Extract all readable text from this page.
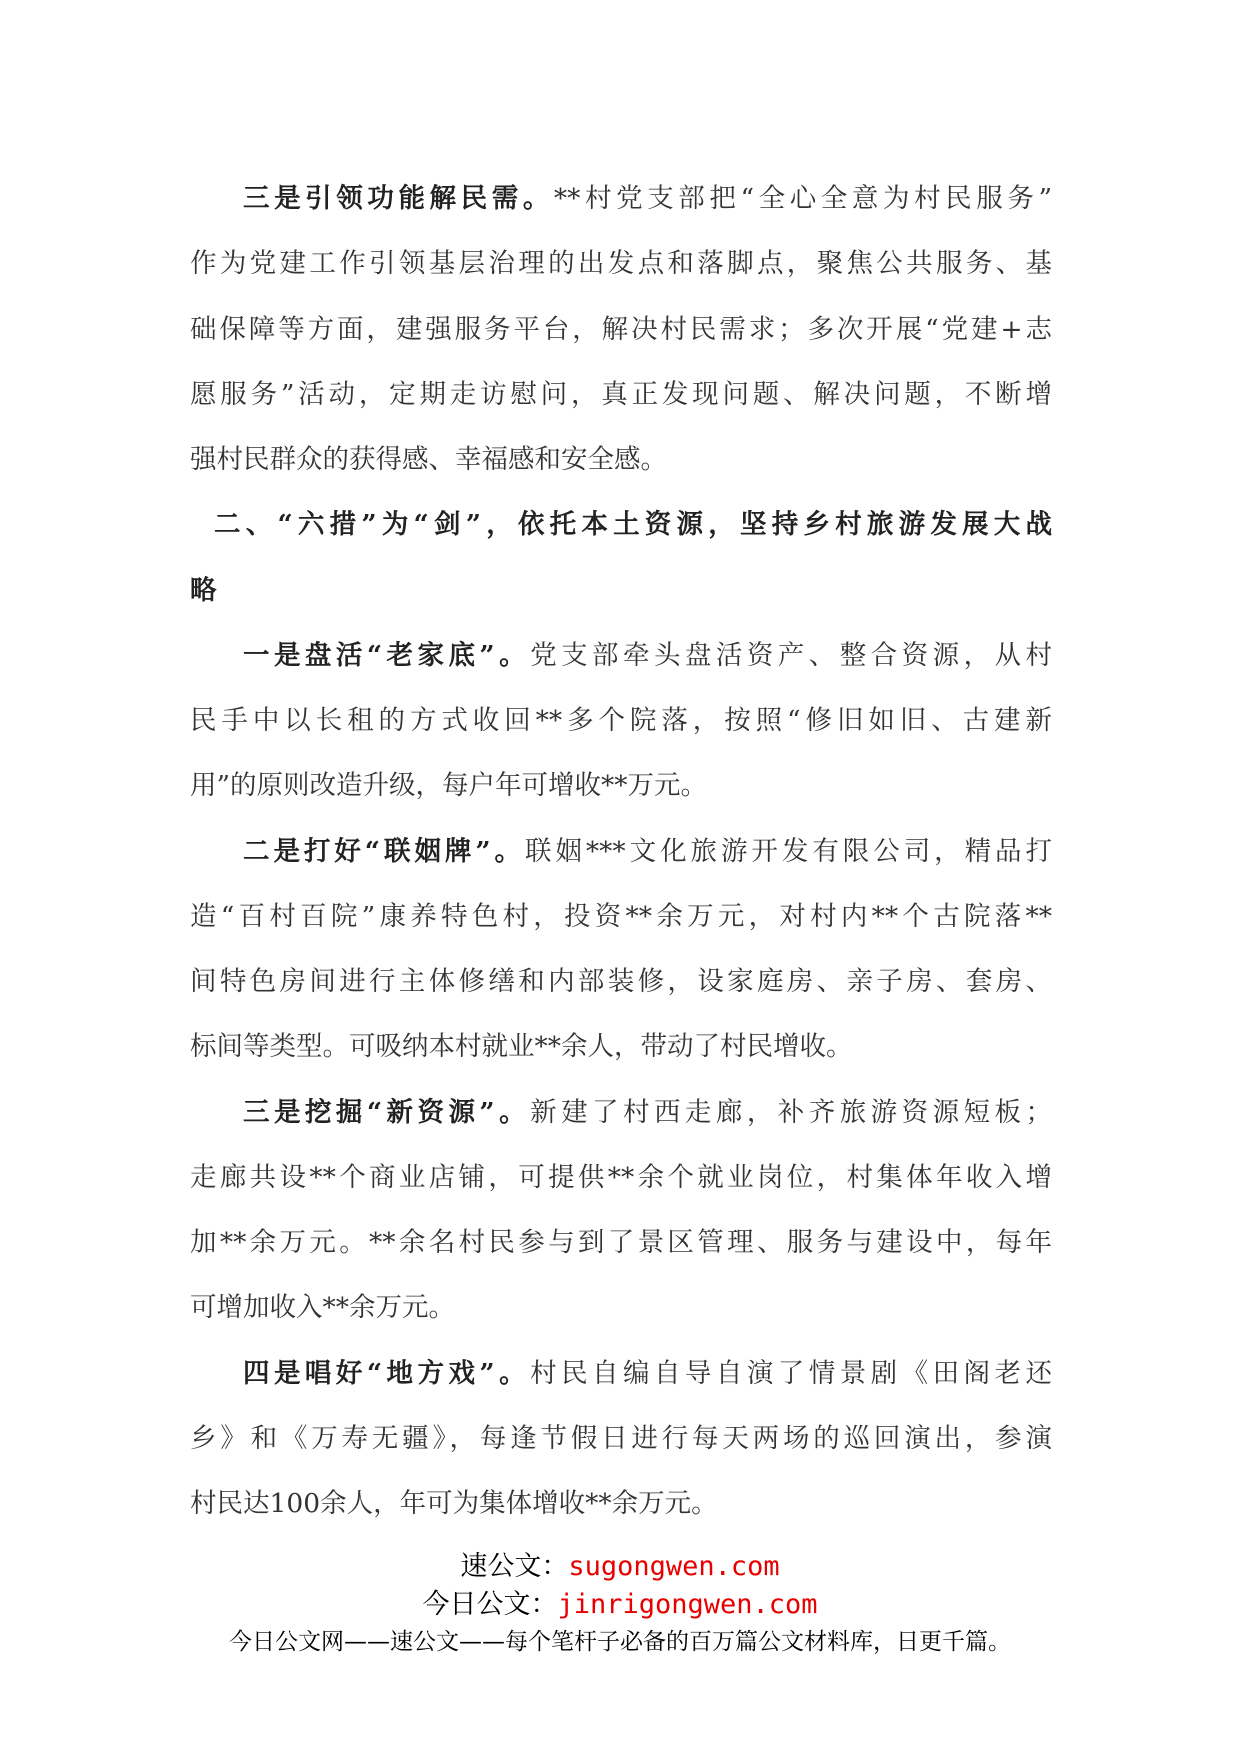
三是引领功能解民需。**村党支部把“全心全意为村民服务”
作为党建工作引领基层治理的出发点和落脚点，聚焦公共服务、基
础保障等方面，建强服务平台，解决村民需求；多次开展“党建+志
愿服务”活动，定期走访慰问，真正发现问题、解决问题，不断增
强村民群众的获得感、幸福感和安全感。
二、“六措”为“剑”，依托本土资源，坚持乡村旅游发展大战
略
一是盘活“老家底”。党支部牵头盘活资产、整合资源，从村
民手中以长租的方式收回**多个院落，按照“修旧如旧、古建新
用”的原则改造升级，每户年可增收**万元。
二是打好“联姻牌”。联姻***文化旅游开发有限公司，精品打
造“百村百院”康养特色村，投资**余万元，对村内**个古院落**
间特色房间进行主体修缮和内部装修，设家庭房、亲子房、套房、
标间等类型。可吸纳本村就业**余人，带动了村民增收。
三是挖掘“新资源”。新建了村西走廊，补齐旅游资源短板；
走廊共设**个商业店铺，可提供**余个就业岗位，村集体年收入增
加**余万元。**余名村民参与到了景区管理、服务与建设中，每年
可增加收入**余万元。
四是唱好“地方戏”。村民自编自导自演了情景剧《田阁老还
乡》和《万寿无疆》，每逢节假日进行每天两场的巡回演出，参演
村民达100余人，年可为集体增收**余万元。
速公文：sugongwen.com
今日公文：jinrigongwen.com
今日公文网——速公文——每个笔杆子必备的百万篇公文材料库，日更千篇。
